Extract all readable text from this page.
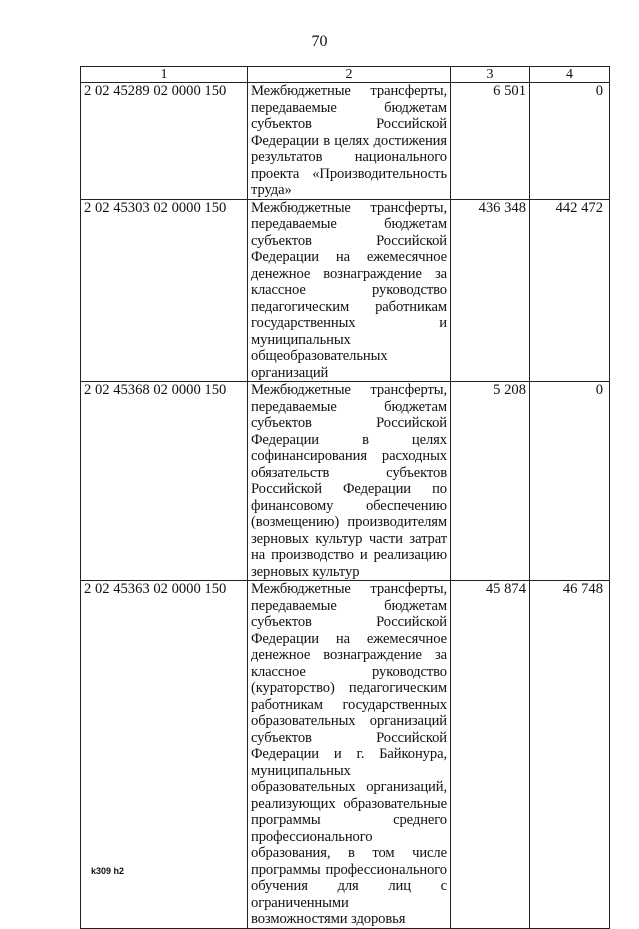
70
1	2	3	4
2 02 45289 02 0000 150	Межбюджетные трансферты, передаваемые бюджетам субъектов Российской Федерации в целях достижения результатов национального проекта «Производительность труда»	6 501	0
2 02 45303 02 0000 150	Межбюджетные трансферты, передаваемые бюджетам субъектов Российской Федерации на ежемесячное денежное вознаграждение за классное руководство педагогическим работникам государственных и муниципальных общеобразовательных организаций	436 348	442 472
2 02 45368 02 0000 150	Межбюджетные трансферты, передаваемые бюджетам субъектов Российской Федерации в целях софинансирования расходных обязательств субъектов Российской Федерации по финансовому обеспечению (возмещению) производителям зерновых культур части затрат на производство и реализацию зерновых культур	5 208	0
2 02 45363 02 0000 150	Межбюджетные трансферты, передаваемые бюджетам субъектов Российской Федерации на ежемесячное денежное вознаграждение за классное руководство (кураторство) педагогическим работникам государственных образовательных организаций субъектов Российской Федерации и г. Байконура, муниципальных образовательных организаций, реализующих образовательные программы среднего профессионального образования, в том числе программы профессионального обучения для лиц с ограниченными возможностями здоровья	45 874	46 748
k309 h2
